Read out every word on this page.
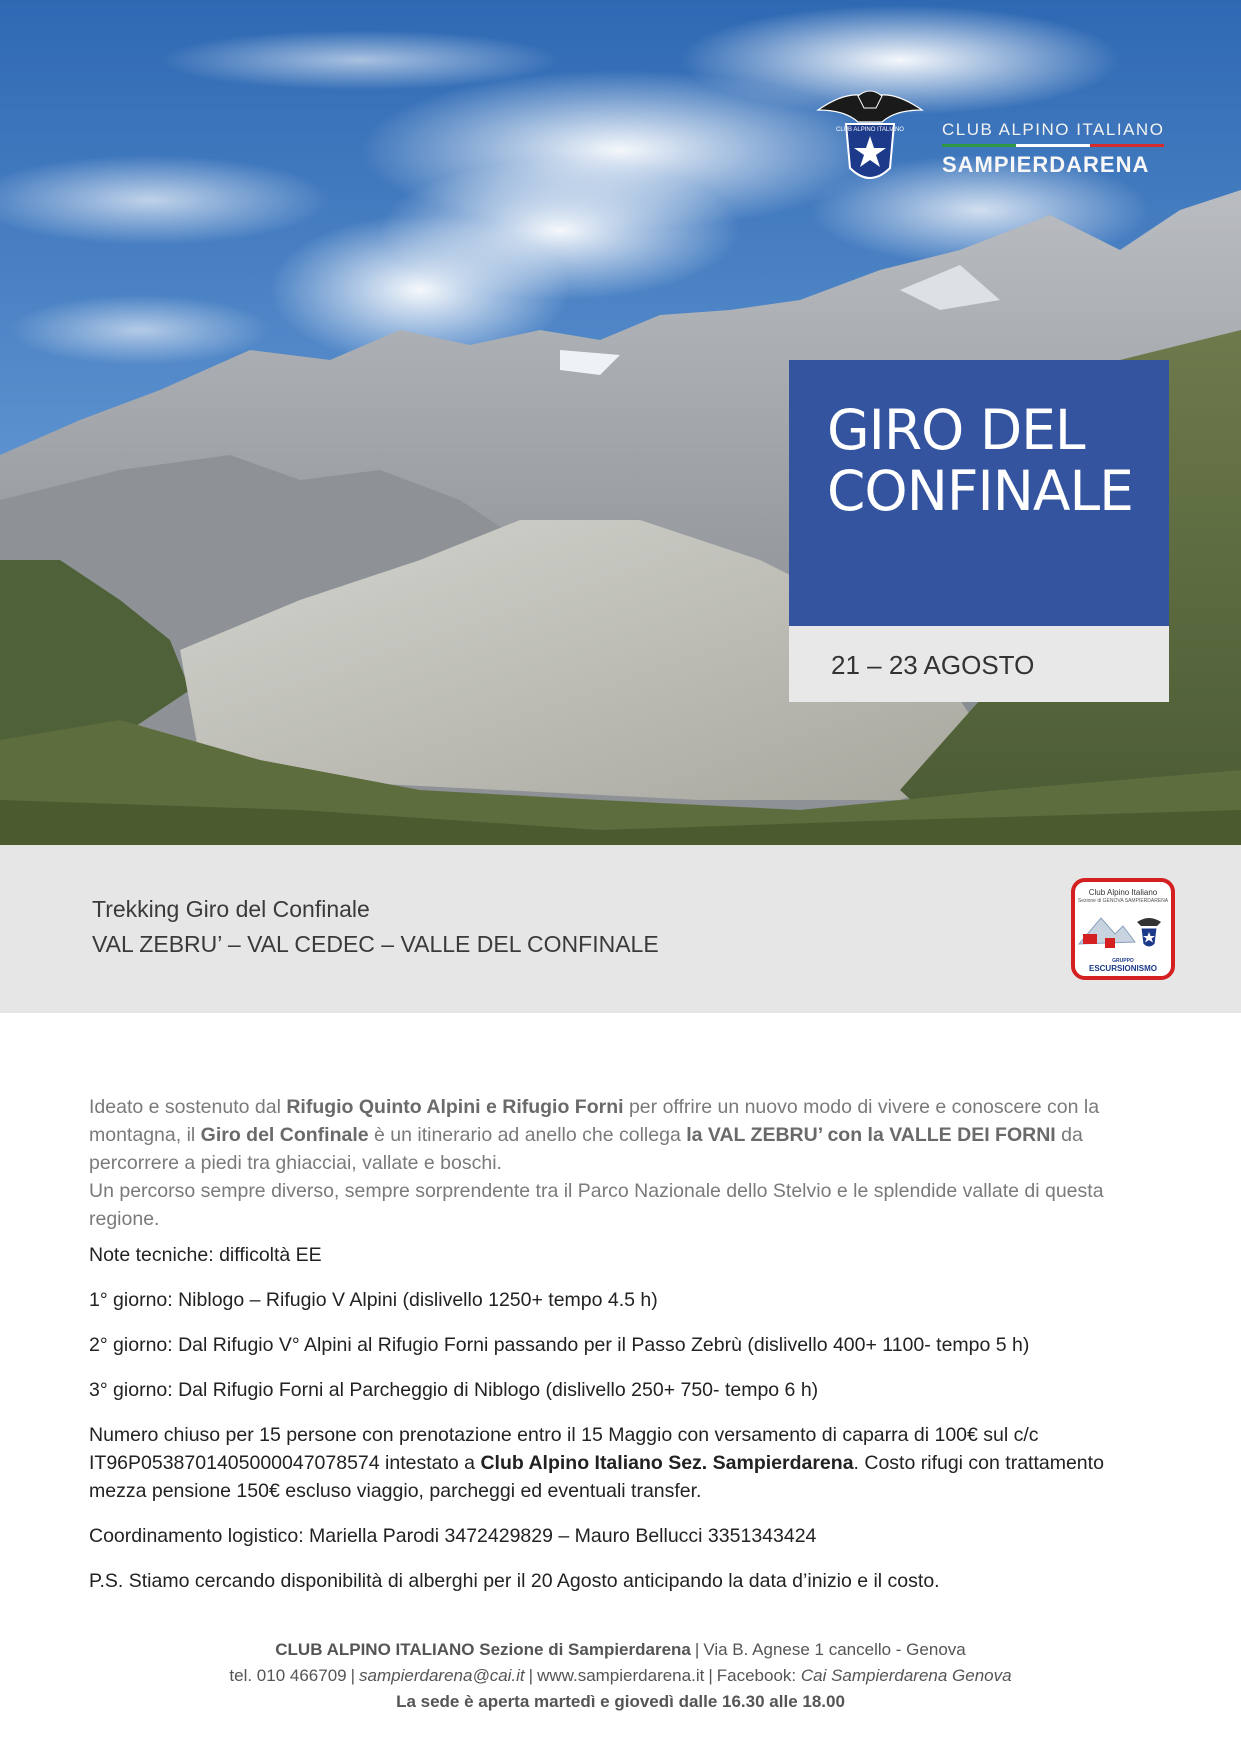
CLUB ALPINO ITALIANO CLUB ALPINO ITALIANO
SAMPIERDARENA
GIRO DEL
CONFINALE
21 – 23 AGOSTO
Trekking Giro del Confinale
VAL ZEBRU’ – VAL CEDEC – VALLE DEL CONFINALE
Club Alpino Italiano
Sezione di GENOVA SAMPIERDARENA
GRUPPO
ESCURSIONISMO
Ideato e sostenuto dal Rifugio Quinto Alpini e Rifugio Forni per offrire un nuovo modo di vivere e conoscere con la montagna, il Giro del Confinale è un itinerario ad anello che collega la VAL ZEBRU’ con la VALLE DEI FORNI da percorrere a piedi tra ghiacciai, vallate e boschi.
Un percorso sempre diverso, sempre sorprendente tra il Parco Nazionale dello Stelvio e le splendide vallate di questa regione.
Note tecniche: difficoltà EE
1° giorno: Niblogo – Rifugio V Alpini (dislivello 1250+ tempo 4.5 h)
2° giorno: Dal Rifugio V° Alpini al Rifugio Forni passando per il Passo Zebrù (dislivello 400+ 1100- tempo 5 h)
3° giorno: Dal Rifugio Forni al Parcheggio di Niblogo (dislivello 250+ 750- tempo 6 h)
Numero chiuso per 15 persone con prenotazione entro il 15 Maggio con versamento di caparra di 100€ sul c/c IT96P0538701405000047078574 intestato a Club Alpino Italiano Sez. Sampierdarena. Costo rifugi con trattamento mezza pensione 150€ escluso viaggio, parcheggi ed eventuali transfer.
Coordinamento logistico: Mariella Parodi 3472429829 – Mauro Bellucci 3351343424
P.S. Stiamo cercando disponibilità di alberghi per il 20 Agosto anticipando la data d’inizio e il costo.
CLUB ALPINO ITALIANO Sezione di Sampierdarena | Via B. Agnese 1 cancello - Genova
tel. 010 466709 | sampierdarena@cai.it | www.sampierdarena.it | Facebook: Cai Sampierdarena Genova
La sede è aperta martedì e giovedì dalle 16.30 alle 18.00
